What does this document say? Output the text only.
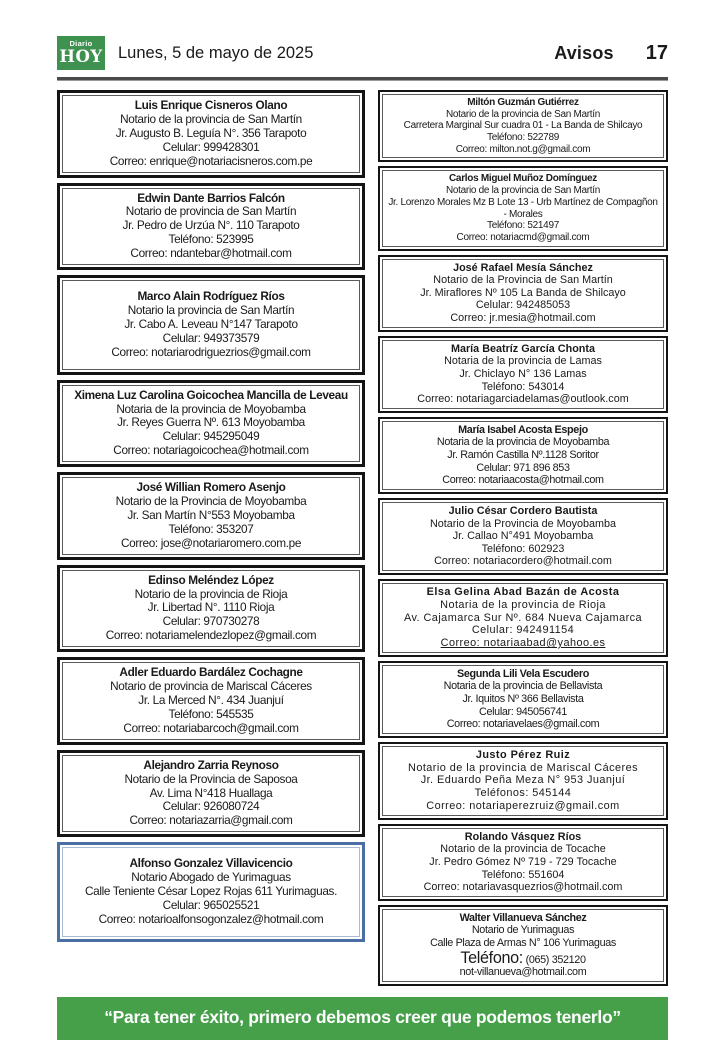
Diario
HOY Lunes, 5 de mayo de 2025	Avisos 17
Luis Enrique Cisneros Olano
Notario de la provincia de San Martín
Jr. Augusto B. Leguía N°. 356 Tarapoto
Celular: 999428301
Correo: enrique@notariacisneros.com.pe
Edwin Dante Barrios Falcón
Notario de provincia de San Martín
Jr. Pedro de Urzúa N°. 110 Tarapoto
Teléfono: 523995
Correo: ndantebar@hotmail.com
Marco Alain Rodríguez Ríos
Notario la provincia de San Martín
Jr. Cabo A. Leveau N°147 Tarapoto
Celular: 949373579
Correo: notariarodriguezrios@gmail.com
Ximena Luz Carolina Goicochea Mancilla de Leveau
Notaria de la provincia de Moyobamba
Jr. Reyes Guerra Nº. 613 Moyobamba
Celular: 945295049
Correo: notariagoicochea@hotmail.com
José Willian Romero Asenjo
Notario de la Provincia de Moyobamba
Jr. San Martín N°553 Moyobamba
Teléfono: 353207
Correo: jose@notariaromero.com.pe
Edinso Meléndez López
Notario de la provincia de Rioja
Jr. Libertad N°. 1110 Rioja
Celular: 970730278
Correo: notariamelendezlopez@gmail.com
Adler Eduardo Bardález Cochagne
Notario de provincia de Mariscal Cáceres
Jr. La Merced N°. 434 Juanjuí
Teléfono: 545535
Correo: notariabarcoch@gmail.com
Alejandro Zarria Reynoso
Notario de la Provincia de Saposoa
Av. Lima N°418 Huallaga
Celular: 926080724
Correo: notariazarria@gmail.com
Alfonso Gonzalez Villavicencio
Notario Abogado de Yurimaguas
Calle Teniente César Lopez Rojas 611 Yurimaguas.
Celular: 965025521
Correo: notarioalfonsogonzalez@hotmail.com
Miltón Guzmán Gutiérrez
Notario de la provincia de San Martín
Carretera Marginal Sur cuadra 01 - La Banda de Shilcayo
Teléfono: 522789
Correo: milton.not.g@gmail.com
Carlos Miguel Muñoz Domínguez
Notario de la provincia de San Martín
Jr. Lorenzo Morales Mz B Lote 13 - Urb Martínez de Compagñon
- Morales
Teléfono: 521497
Correo: notariacmd@gmail.com
José Rafael Mesía Sánchez
Notario de la Provincia de San Martín
Jr. Miraflores Nº 105 La Banda de Shilcayo
Celular: 942485053
Correo: jr.mesia@hotmail.com
María Beatríz García Chonta
Notaria de la provincia de Lamas
Jr. Chiclayo N° 136 Lamas
Teléfono: 543014
Correo: notariagarciadelamas@outlook.com
María Isabel Acosta Espejo
Notaria de la provincia de Moyobamba
Jr. Ramón Castilla Nº.1128 Soritor
Celular: 971 896 853
Correo: notariaacosta@hotmail.com
Julio César Cordero Bautista
Notario de la Provincia de Moyobamba
Jr. Callao N°491 Moyobamba
Teléfono: 602923
Correo: notariacordero@hotmail.com
Elsa Gelina Abad Bazán de Acosta
Notaria de la provincia de Rioja
Av. Cajamarca Sur Nº. 684 Nueva Cajamarca
Celular: 942491154
Correo: notariaabad@yahoo.es
Segunda Lili Vela Escudero
Notaria de la provincia de Bellavista
Jr. Iquitos Nº 366 Bellavista
Celular: 945056741
Correo: notariavelaes@gmail.com
Justo Pérez Ruiz
Notario de la provincia de Mariscal Cáceres
Jr. Eduardo Peña Meza N° 953 Juanjuí
Teléfonos: 545144
Correo: notariaperezruiz@gmail.com
Rolando Vásquez Ríos
Notario de la provincia de Tocache
Jr. Pedro Gómez Nº 719 - 729 Tocache
Teléfono: 551604
Correo: notariavasquezrios@hotmail.com
Walter Villanueva Sánchez
Notario de Yurimaguas
Calle Plaza de Armas N° 106 Yurimaguas
Teléfono: (065) 352120
not-villanueva@hotmail.com
“Para tener éxito, primero debemos creer que podemos tenerlo”
